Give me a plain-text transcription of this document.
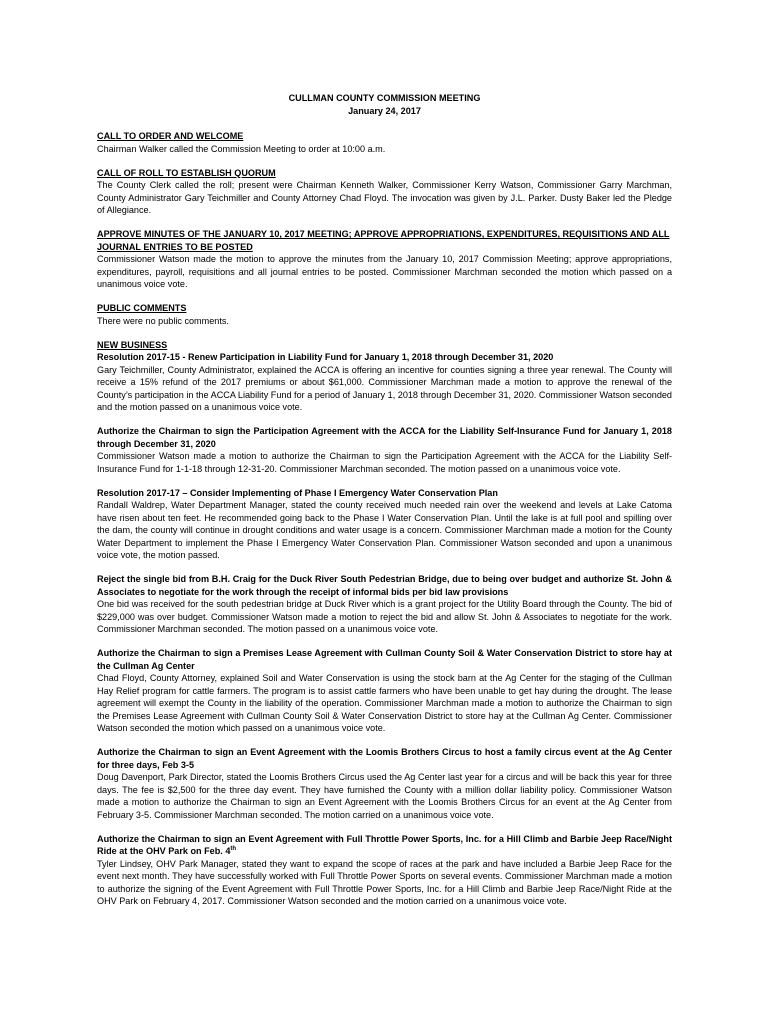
CULLMAN COUNTY COMMISSION MEETING
January 24, 2017
CALL TO ORDER AND WELCOME
Chairman Walker called the Commission Meeting to order at 10:00 a.m.
CALL OF ROLL TO ESTABLISH QUORUM
The County Clerk called the roll; present were Chairman Kenneth Walker, Commissioner Kerry Watson, Commissioner Garry Marchman, County Administrator Gary Teichmiller and County Attorney Chad Floyd. The invocation was given by J.L. Parker. Dusty Baker led the Pledge of Allegiance.
APPROVE MINUTES OF THE JANUARY 10, 2017 MEETING; APPROVE APPROPRIATIONS, EXPENDITURES, REQUISITIONS AND ALL JOURNAL ENTRIES TO BE POSTED
Commissioner Watson made the motion to approve the minutes from the January 10, 2017 Commission Meeting; approve appropriations, expenditures, payroll, requisitions and all journal entries to be posted. Commissioner Marchman seconded the motion which passed on a unanimous voice vote.
PUBLIC COMMENTS
There were no public comments.
NEW BUSINESS
Resolution 2017-15 - Renew Participation in Liability Fund for January 1, 2018 through December 31, 2020
Gary Teichmiller, County Administrator, explained the ACCA is offering an incentive for counties signing a three year renewal. The County will receive a 15% refund of the 2017 premiums or about $61,000. Commissioner Marchman made a motion to approve the renewal of the County’s participation in the ACCA Liability Fund for a period of January 1, 2018 through December 31, 2020. Commissioner Watson seconded and the motion passed on a unanimous voice vote.
Authorize the Chairman to sign the Participation Agreement with the ACCA for the Liability Self-Insurance Fund for January 1, 2018 through December 31, 2020
Commissioner Watson made a motion to authorize the Chairman to sign the Participation Agreement with the ACCA for the Liability Self-Insurance Fund for 1-1-18 through 12-31-20. Commissioner Marchman seconded. The motion passed on a unanimous voice vote.
Resolution 2017-17 – Consider Implementing of Phase I Emergency Water Conservation Plan
Randall Waldrep, Water Department Manager, stated the county received much needed rain over the weekend and levels at Lake Catoma have risen about ten feet. He recommended going back to the Phase I Water Conservation Plan. Until the lake is at full pool and spilling over the dam, the county will continue in drought conditions and water usage is a concern. Commissioner Marchman made a motion for the County Water Department to implement the Phase I Emergency Water Conservation Plan. Commissioner Watson seconded and upon a unanimous voice vote, the motion passed.
Reject the single bid from B.H. Craig for the Duck River South Pedestrian Bridge, due to being over budget and authorize St. John & Associates to negotiate for the work through the receipt of informal bids per bid law provisions
One bid was received for the south pedestrian bridge at Duck River which is a grant project for the Utility Board through the County. The bid of $229,000 was over budget. Commissioner Watson made a motion to reject the bid and allow St. John & Associates to negotiate for the work. Commissioner Marchman seconded. The motion passed on a unanimous voice vote.
Authorize the Chairman to sign a Premises Lease Agreement with Cullman County Soil & Water Conservation District to store hay at the Cullman Ag Center
Chad Floyd, County Attorney, explained Soil and Water Conservation is using the stock barn at the Ag Center for the staging of the Cullman Hay Relief program for cattle farmers. The program is to assist cattle farmers who have been unable to get hay during the drought. The lease agreement will exempt the County in the liability of the operation. Commissioner Marchman made a motion to authorize the Chairman to sign the Premises Lease Agreement with Cullman County Soil & Water Conservation District to store hay at the Cullman Ag Center. Commissioner Watson seconded the motion which passed on a unanimous voice vote.
Authorize the Chairman to sign an Event Agreement with the Loomis Brothers Circus to host a family circus event at the Ag Center for three days, Feb 3-5
Doug Davenport, Park Director, stated the Loomis Brothers Circus used the Ag Center last year for a circus and will be back this year for three days. The fee is $2,500 for the three day event. They have furnished the County with a million dollar liability policy. Commissioner Watson made a motion to authorize the Chairman to sign an Event Agreement with the Loomis Brothers Circus for an event at the Ag Center from February 3-5. Commissioner Marchman seconded. The motion carried on a unanimous voice vote.
Authorize the Chairman to sign an Event Agreement with Full Throttle Power Sports, Inc. for a Hill Climb and Barbie Jeep Race/Night Ride at the OHV Park on Feb. 4th
Tyler Lindsey, OHV Park Manager, stated they want to expand the scope of races at the park and have included a Barbie Jeep Race for the event next month. They have successfully worked with Full Throttle Power Sports on several events. Commissioner Marchman made a motion to authorize the signing of the Event Agreement with Full Throttle Power Sports, Inc. for a Hill Climb and Barbie Jeep Race/Night Ride at the OHV Park on February 4, 2017. Commissioner Watson seconded and the motion carried on a unanimous voice vote.
